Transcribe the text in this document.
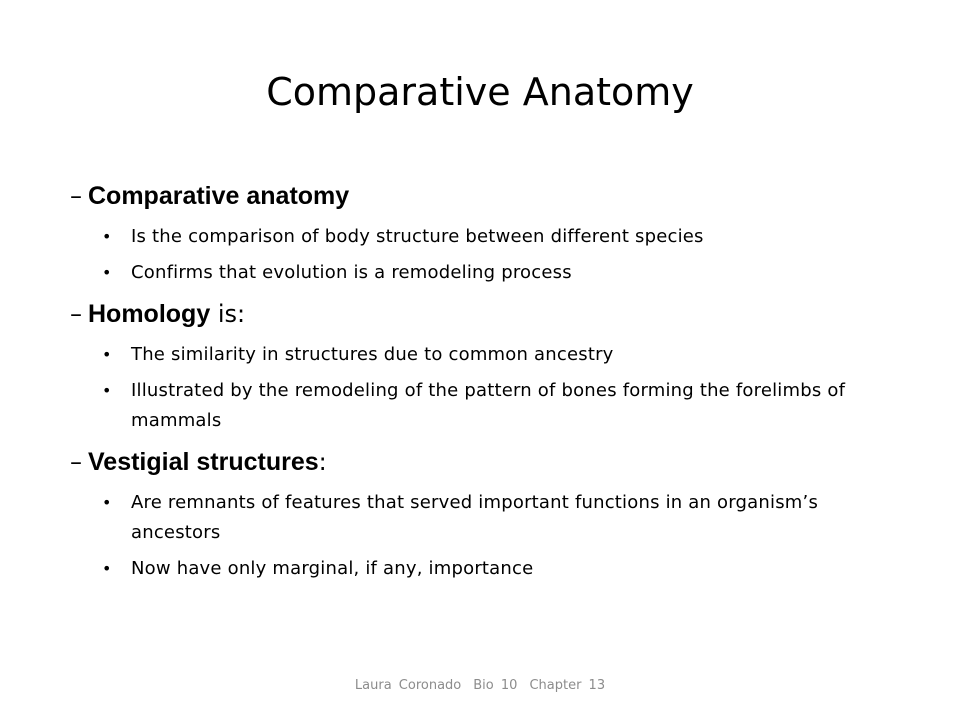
Comparative Anatomy

– Comparative anatomy

• Is the comparison of body structure between different species

• Confirms that evolution is a remodeling process

– Homology is:

• The similarity in structures due to common ancestry

• Illustrated by the remodeling of the pattern of bones forming the forelimbs of mammals

– Vestigial structures:

• Are remnants of features that served important functions in an organism’s ancestors

• Now have only marginal, if any, importance

Laura Coronado Bio 10 Chapter 13
